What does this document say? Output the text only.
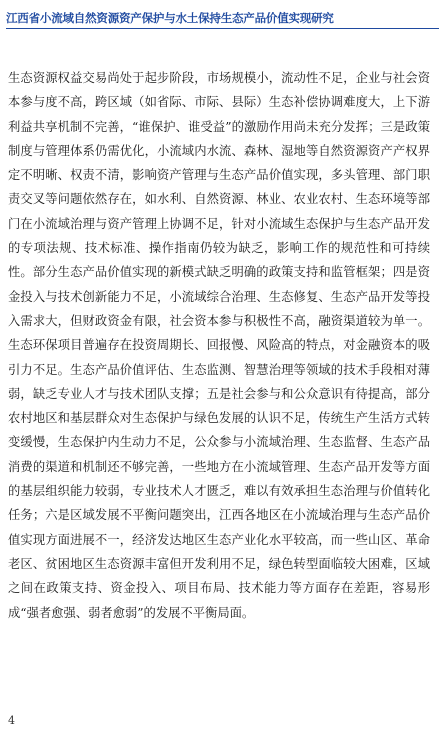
江西省小流域自然资源资产保护与水土保持生态产品价值实现研究
生态资源权益交易尚处于起步阶段，市场规模小，流动性不足，企业与社会资本参与度不高，跨区域（如省际、市际、县际）生态补偿协调难度大，上下游利益共享机制不完善，“谁保护、谁受益”的激励作用尚未充分发挥；三是政策制度与管理体系仍需优化，小流域内水流、森林、湿地等自然资源资产产权界定不明晰、权责不清，影响资产管理与生态产品价值实现，多头管理、部门职责交叉等问题依然存在，如水利、自然资源、林业、农业农村、生态环境等部门在小流域治理与资产管理上协调不足，针对小流域生态保护与生态产品开发的专项法规、技术标准、操作指南仍较为缺乏，影响工作的规范性和可持续性。部分生态产品价值实现的新模式缺乏明确的政策支持和监管框架；四是资金投入与技术创新能力不足，小流域综合治理、生态修复、生态产品开发等投入需求大，但财政资金有限，社会资本参与积极性不高，融资渠道较为单一。生态环保项目普遍存在投资周期长、回报慢、风险高的特点，对金融资本的吸引力不足。生态产品价值评估、生态监测、智慧治理等领域的技术手段相对薄弱，缺乏专业人才与技术团队支撑；五是社会参与和公众意识有待提高，部分农村地区和基层群众对生态保护与绿色发展的认识不足，传统生产生活方式转变缓慢，生态保护内生动力不足，公众参与小流域治理、生态监督、生态产品消费的渠道和机制还不够完善，一些地方在小流域管理、生态产品开发等方面的基层组织能力较弱，专业技术人才匮乏，难以有效承担生态治理与价值转化任务；六是区域发展不平衡问题突出，江西各地区在小流域治理与生态产品价值实现方面进展不一，经济发达地区生态产业化水平较高，而一些山区、革命老区、贫困地区生态资源丰富但开发利用不足，绿色转型面临较大困难，区域之间在政策支持、资金投入、项目布局、技术能力等方面存在差距，容易形成“强者愈强、弱者愈弱”的发展不平衡局面。
4
